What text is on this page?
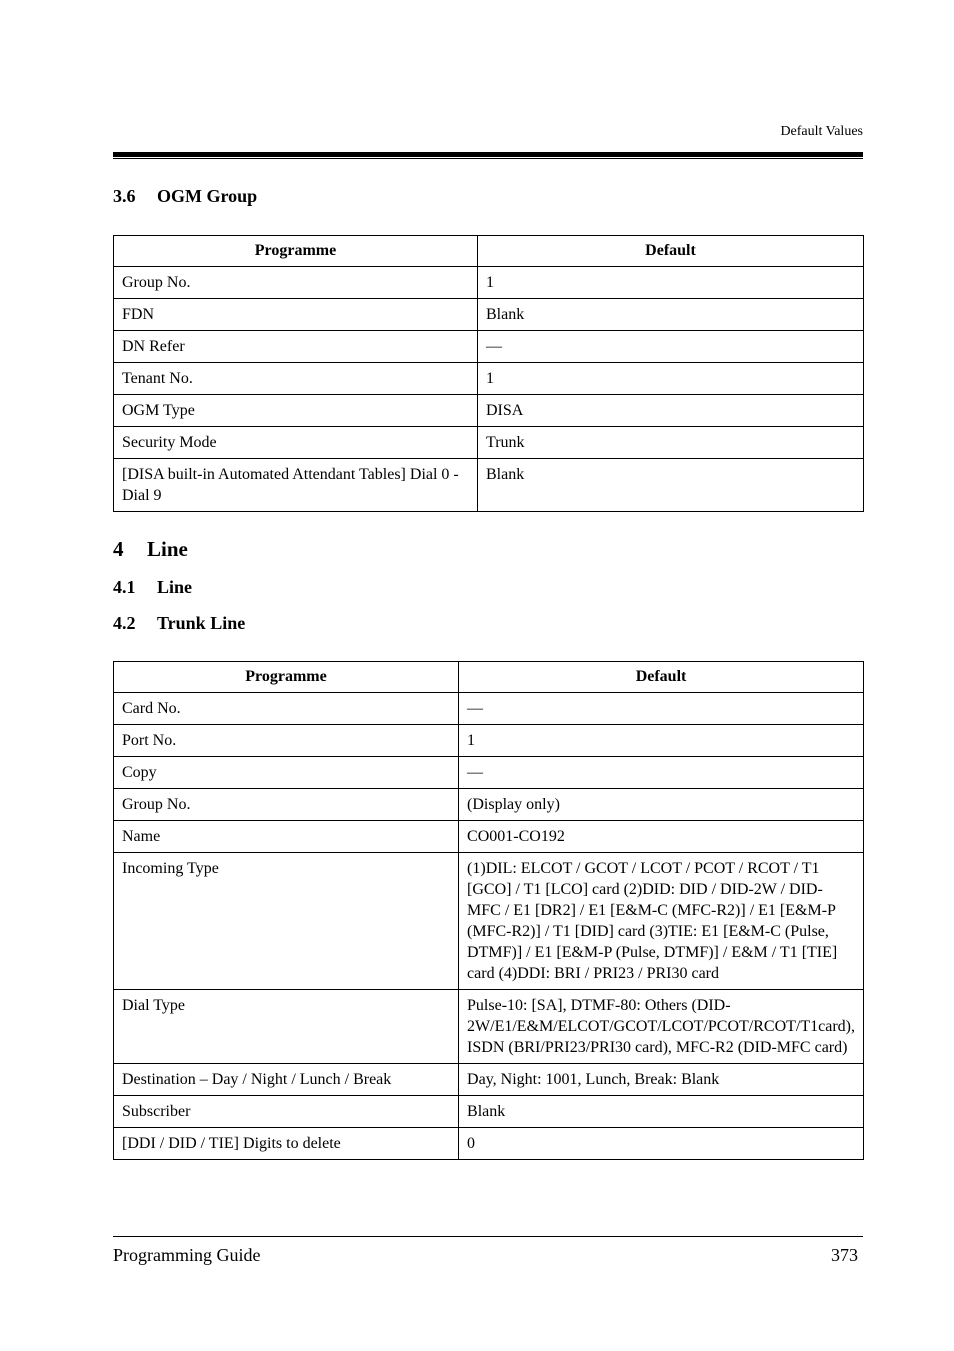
Default Values
3.6 OGM Group
Programme	Default
Group No.	1
FDN	Blank
DN Refer	—
Tenant No.	1
OGM Type	DISA
Security Mode	Trunk
[DISA built-in Automated Attendant Tables] Dial 0 - Dial 9	Blank
4 Line
4.1 Line
4.2 Trunk Line
Programme	Default
Card No.	—
Port No.	1
Copy	—
Group No.	(Display only)
Name	CO001-CO192
Incoming Type	(1)DIL: ELCOT / GCOT / LCOT / PCOT / RCOT / T1 [GCO] / T1 [LCO] card (2)DID: DID / DID-2W / DID-MFC / E1 [DR2] / E1 [E&M-C (MFC-R2)] / E1 [E&M-P (MFC-R2)] / T1 [DID] card (3)TIE: E1 [E&M-C (Pulse, DTMF)] / E1 [E&M-P (Pulse, DTMF)] / E&M / T1 [TIE] card (4)DDI: BRI / PRI23 / PRI30 card
Dial Type	Pulse-10: [SA], DTMF-80: Others (DID-2W/E1/E&M/ELCOT/GCOT/LCOT/PCOT/RCOT/T1card), ISDN (BRI/PRI23/PRI30 card), MFC-R2 (DID-MFC card)
Destination – Day / Night / Lunch / Break	Day, Night: 1001, Lunch, Break: Blank
Subscriber	Blank
[DDI / DID / TIE] Digits to delete	0
Programming Guide	373
